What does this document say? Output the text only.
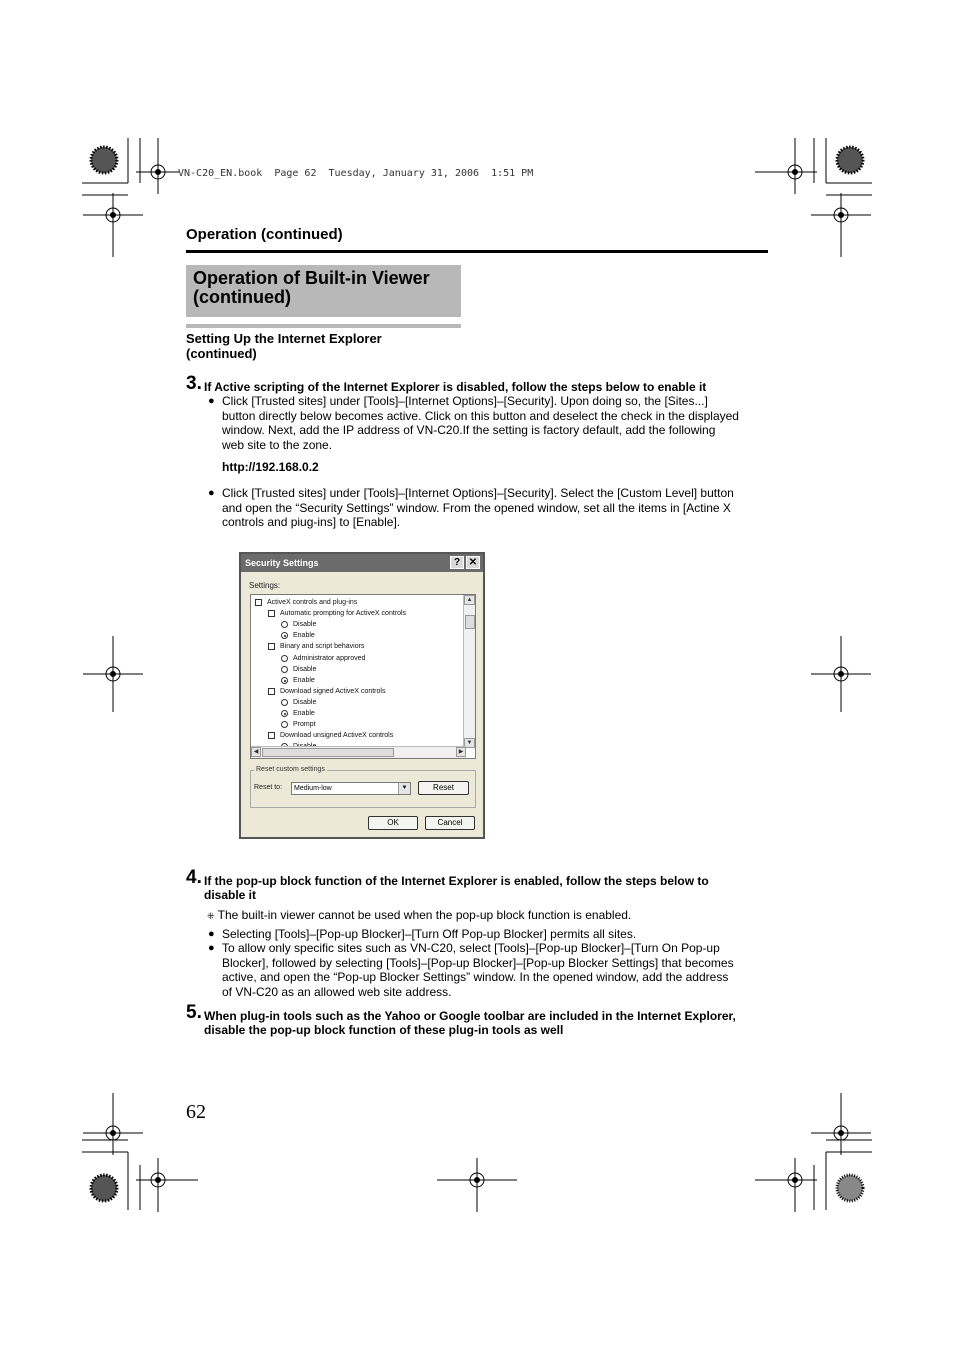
VN-C20_EN.book  Page 62  Tuesday, January 31, 2006  1:51 PM
Operation (continued)
Operation of Built-in Viewer
(continued)
Setting Up the Internet Explorer
(continued)
3. If Active scripting of the Internet Explorer is disabled, follow the steps below to enable it
● Click [Trusted sites] under [Tools]–[Internet Options]–[Security]. Upon doing so, the [Sites...]
button directly below becomes active. Click on this button and deselect the check in the displayed
window. Next, add the IP address of VN-C20.If the setting is factory default, add the following
web site to the zone.
http://192.168.0.2
● Click [Trusted sites] under [Tools]–[Internet Options]–[Security]. Select the [Custom Level] button
and open the “Security Settings” window. From the opened window, set all the items in [Actine X
controls and piug-ins] to [Enable].
Security Settings	? ✕
Settings:
ActiveX controls and plug-ins
Automatic prompting for ActiveX controls
Disable
Enable
Binary and script behaviors
Administrator approved
Disable
Enable
Download signed ActiveX controls
Disable
Enable
Prompt
Download unsigned ActiveX controls
▲
▼
◀	▶
Reset custom settings
Reset to:	Medium-low	▼	Reset
OK	Cancel
4. If the pop-up block function of the Internet Explorer is enabled, follow the steps below to
disable it
⁜ The built-in viewer cannot be used when the pop-up block function is enabled.
● Selecting [Tools]–[Pop-up Blocker]–[Turn Off Pop-up Blocker] permits all sites.
● To allow only specific sites such as VN-C20, select [Tools]–[Pop-up Blocker]–[Turn On Pop-up
Blocker], followed by selecting [Tools]–[Pop-up Blocker]–[Pop-up Blocker Settings] that becomes
active, and open the “Pop-up Blocker Settings” window. In the opened window, add the address
of VN-C20 as an allowed web site address.
5. When plug-in tools such as the Yahoo or Google toolbar are included in the Internet Explorer,
disable the pop-up block function of these plug-in tools as well
62
